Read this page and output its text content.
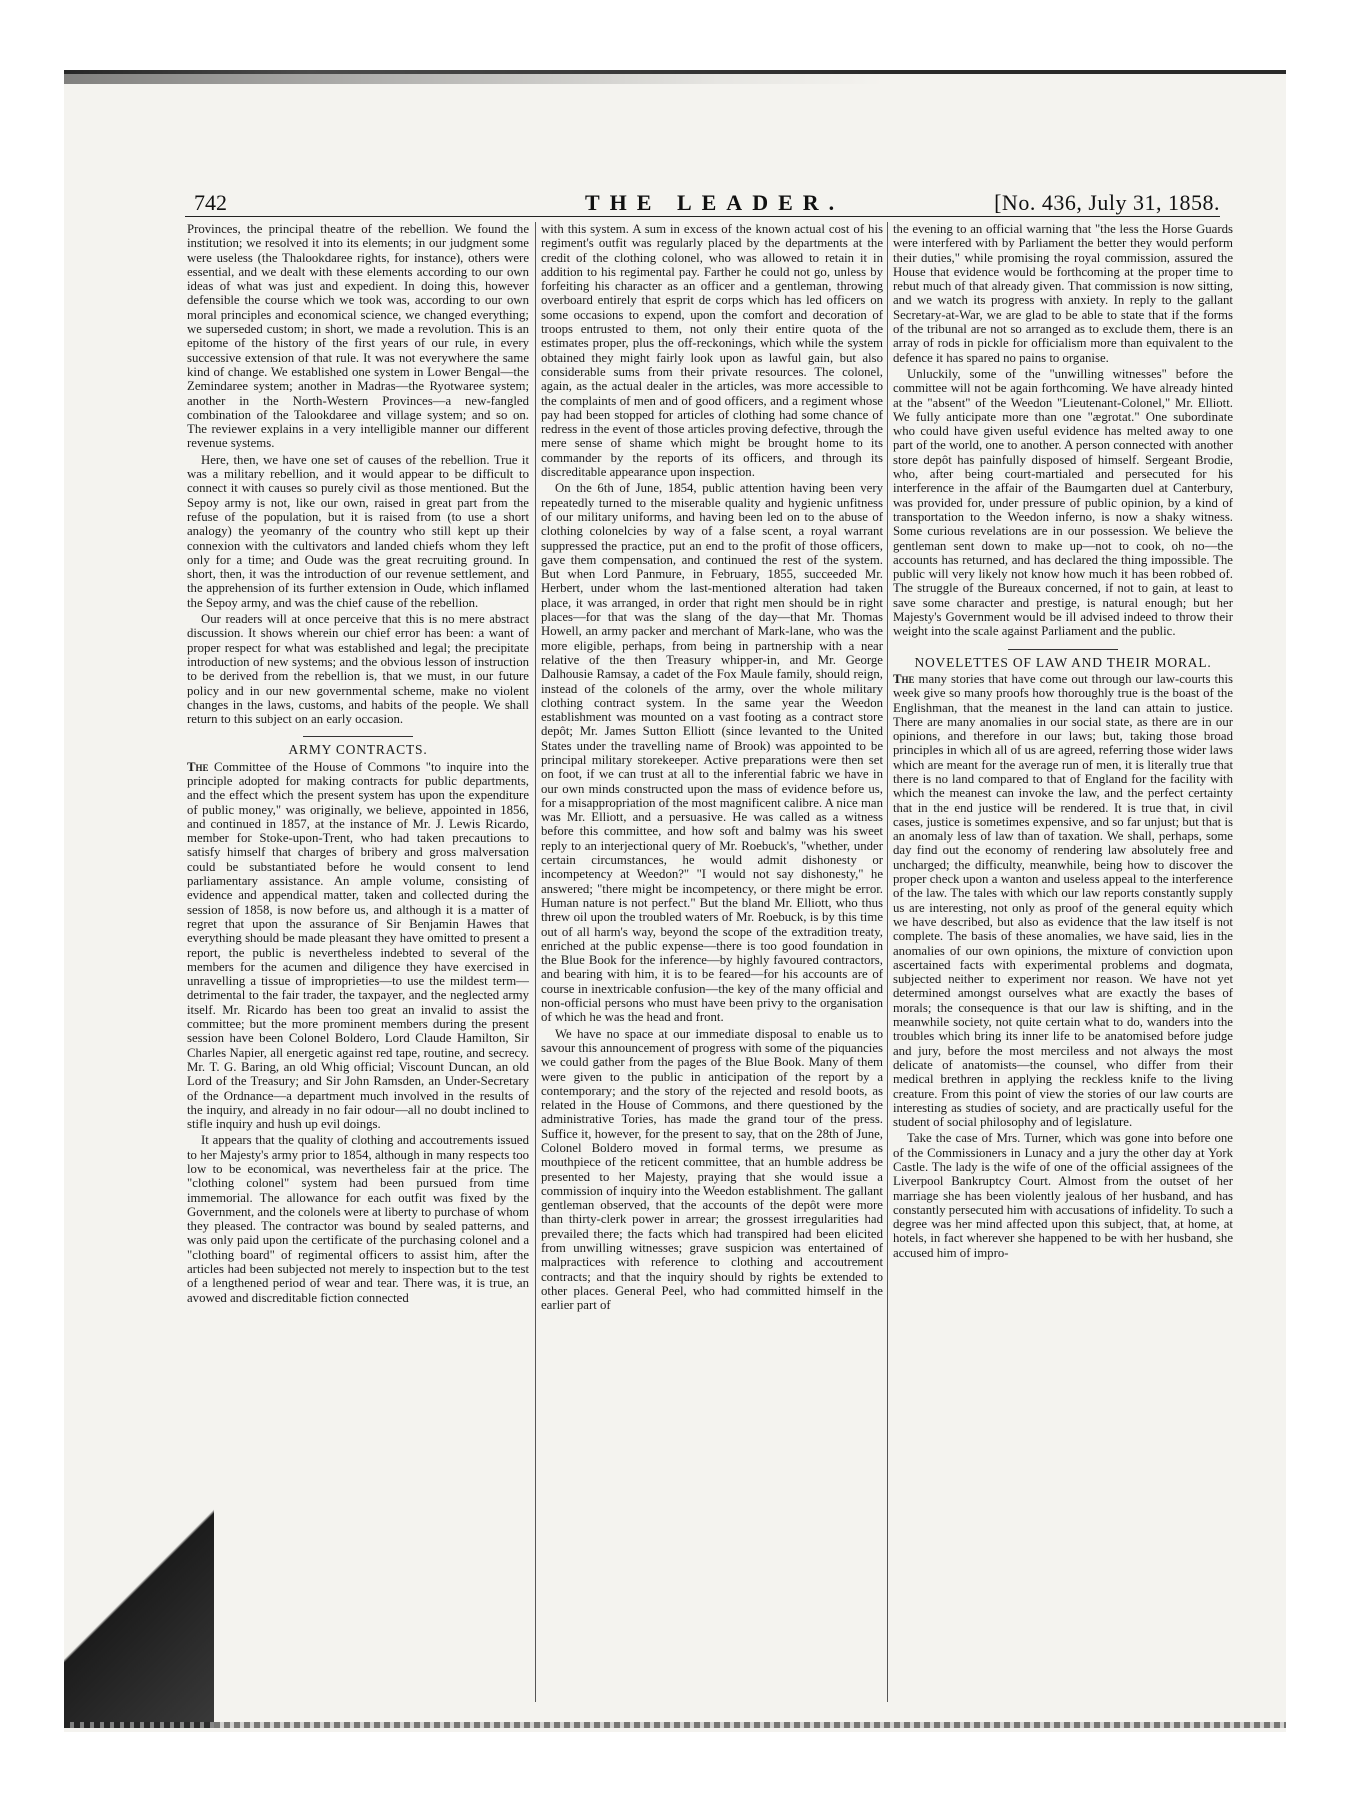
742	THE LEADER.	[No. 436, July 31, 1858.

Provinces, the principal theatre of the rebellion. We found the institution; we resolved it into its elements; in our judgment some were useless (the Thalookdaree rights, for instance), others were essential, and we dealt with these elements according to our own ideas of what was just and expedient. In doing this, however defensible the course which we took was, according to our own moral principles and economical science, we changed everything; we superseded custom; in short, we made a revolution. This is an epitome of the history of the first years of our rule, in every successive extension of that rule. It was not everywhere the same kind of change. We established one system in Lower Bengal—the Zemindaree system; another in Madras—the Ryotwaree system; another in the North-Western Provinces—a new-fangled combination of the Talookdaree and village system; and so on. The reviewer explains in a very intelligible manner our different revenue systems.

Here, then, we have one set of causes of the rebellion. True it was a military rebellion, and it would appear to be difficult to connect it with causes so purely civil as those mentioned. But the Sepoy army is not, like our own, raised in great part from the refuse of the population, but it is raised from (to use a short analogy) the yeomanry of the country who still kept up their connexion with the cultivators and landed chiefs whom they left only for a time; and Oude was the great recruiting ground. In short, then, it was the introduction of our revenue settlement, and the apprehension of its further extension in Oude, which inflamed the Sepoy army, and was the chief cause of the rebellion.

Our readers will at once perceive that this is no mere abstract discussion. It shows wherein our chief error has been: a want of proper respect for what was established and legal; the precipitate introduction of new systems; and the obvious lesson of instruction to be derived from the rebellion is, that we must, in our future policy and in our new governmental scheme, make no violent changes in the laws, customs, and habits of the people. We shall return to this subject on an early occasion.

ARMY CONTRACTS.

The Committee of the House of Commons "to inquire into the principle adopted for making contracts for public departments, and the effect which the present system has upon the expenditure of public money," was originally, we believe, appointed in 1856, and continued in 1857, at the instance of Mr. J. Lewis Ricardo, member for Stoke-upon-Trent, who had taken precautions to satisfy himself that charges of bribery and gross malversation could be substantiated before he would consent to lend parliamentary assistance. An ample volume, consisting of evidence and appendical matter, taken and collected during the session of 1858, is now before us, and although it is a matter of regret that upon the assurance of Sir Benjamin Hawes that everything should be made pleasant they have omitted to present a report, the public is nevertheless indebted to several of the members for the acumen and diligence they have exercised in unravelling a tissue of improprieties—to use the mildest term—detrimental to the fair trader, the taxpayer, and the neglected army itself. Mr. Ricardo has been too great an invalid to assist the committee; but the more prominent members during the present session have been Colonel Boldero, Lord Claude Hamilton, Sir Charles Napier, all energetic against red tape, routine, and secrecy. Mr. T. G. Baring, an old Whig official; Viscount Duncan, an old Lord of the Treasury; and Sir John Ramsden, an Under-Secretary of the Ordnance—a department much involved in the results of the inquiry, and already in no fair odour—all no doubt inclined to stifle inquiry and hush up evil doings.

It appears that the quality of clothing and accoutrements issued to her Majesty's army prior to 1854, although in many respects too low to be economical, was nevertheless fair at the price. The "clothing colonel" system had been pursued from time immemorial. The allowance for each outfit was fixed by the Government, and the colonels were at liberty to purchase of whom they pleased. The contractor was bound by sealed patterns, and was only paid upon the certificate of the purchasing colonel and a "clothing board" of regimental officers to assist him, after the articles had been subjected not merely to inspection but to the test of a lengthened period of wear and tear. There was, it is true, an avowed and discreditable fiction connected

with this system. A sum in excess of the known actual cost of his regiment's outfit was regularly placed by the departments at the credit of the clothing colonel, who was allowed to retain it in addition to his regimental pay. Farther he could not go, unless by forfeiting his character as an officer and a gentleman, throwing overboard entirely that esprit de corps which has led officers on some occasions to expend, upon the comfort and decoration of troops entrusted to them, not only their entire quota of the estimates proper, plus the off-reckonings, which while the system obtained they might fairly look upon as lawful gain, but also considerable sums from their private resources. The colonel, again, as the actual dealer in the articles, was more accessible to the complaints of men and of good officers, and a regiment whose pay had been stopped for articles of clothing had some chance of redress in the event of those articles proving defective, through the mere sense of shame which might be brought home to its commander by the reports of its officers, and through its discreditable appearance upon inspection.

On the 6th of June, 1854, public attention having been very repeatedly turned to the miserable quality and hygienic unfitness of our military uniforms, and having been led on to the abuse of clothing colonelcies by way of a false scent, a royal warrant suppressed the practice, put an end to the profit of those officers, gave them compensation, and continued the rest of the system. But when Lord Panmure, in February, 1855, succeeded Mr. Herbert, under whom the last-mentioned alteration had taken place, it was arranged, in order that right men should be in right places—for that was the slang of the day—that Mr. Thomas Howell, an army packer and merchant of Mark-lane, who was the more eligible, perhaps, from being in partnership with a near relative of the then Treasury whipper-in, and Mr. George Dalhousie Ramsay, a cadet of the Fox Maule family, should reign, instead of the colonels of the army, over the whole military clothing contract system. In the same year the Weedon establishment was mounted on a vast footing as a contract store depôt; Mr. James Sutton Elliott (since levanted to the United States under the travelling name of Brook) was appointed to be principal military storekeeper. Active preparations were then set on foot, if we can trust at all to the inferential fabric we have in our own minds constructed upon the mass of evidence before us, for a misappropriation of the most magnificent calibre. A nice man was Mr. Elliott, and a persuasive. He was called as a witness before this committee, and how soft and balmy was his sweet reply to an interjectional query of Mr. Roebuck's, "whether, under certain circumstances, he would admit dishonesty or incompetency at Weedon?" "I would not say dishonesty," he answered; "there might be incompetency, or there might be error. Human nature is not perfect." But the bland Mr. Elliott, who thus threw oil upon the troubled waters of Mr. Roebuck, is by this time out of all harm's way, beyond the scope of the extradition treaty, enriched at the public expense—there is too good foundation in the Blue Book for the inference—by highly favoured contractors, and bearing with him, it is to be feared—for his accounts are of course in inextricable confusion—the key of the many official and non-official persons who must have been privy to the organisation of which he was the head and front.

We have no space at our immediate disposal to enable us to savour this announcement of progress with some of the piquancies we could gather from the pages of the Blue Book. Many of them were given to the public in anticipation of the report by a contemporary; and the story of the rejected and resold boots, as related in the House of Commons, and there questioned by the administrative Tories, has made the grand tour of the press. Suffice it, however, for the present to say, that on the 28th of June, Colonel Boldero moved in formal terms, we presume as mouthpiece of the reticent committee, that an humble address be presented to her Majesty, praying that she would issue a commission of inquiry into the Weedon establishment. The gallant gentleman observed, that the accounts of the depôt were more than thirty-clerk power in arrear; the grossest irregularities had prevailed there; the facts which had transpired had been elicited from unwilling witnesses; grave suspicion was entertained of malpractices with reference to clothing and accoutrement contracts; and that the inquiry should by rights be extended to other places. General Peel, who had committed himself in the earlier part of

the evening to an official warning that "the less the Horse Guards were interfered with by Parliament the better they would perform their duties," while promising the royal commission, assured the House that evidence would be forthcoming at the proper time to rebut much of that already given. That commission is now sitting, and we watch its progress with anxiety. In reply to the gallant Secretary-at-War, we are glad to be able to state that if the forms of the tribunal are not so arranged as to exclude them, there is an array of rods in pickle for officialism more than equivalent to the defence it has spared no pains to organise.

Unluckily, some of the "unwilling witnesses" before the committee will not be again forthcoming. We have already hinted at the "absent" of the Weedon "Lieutenant-Colonel," Mr. Elliott. We fully anticipate more than one "ægrotat." One subordinate who could have given useful evidence has melted away to one part of the world, one to another. A person connected with another store depôt has painfully disposed of himself. Sergeant Brodie, who, after being court-martialed and persecuted for his interference in the affair of the Baumgarten duel at Canterbury, was provided for, under pressure of public opinion, by a kind of transportation to the Weedon inferno, is now a shaky witness. Some curious revelations are in our possession. We believe the gentleman sent down to make up—not to cook, oh no—the accounts has returned, and has declared the thing impossible. The public will very likely not know how much it has been robbed of. The struggle of the Bureaux concerned, if not to gain, at least to save some character and prestige, is natural enough; but her Majesty's Government would be ill advised indeed to throw their weight into the scale against Parliament and the public.

NOVELETTES OF LAW AND THEIR MORAL.

The many stories that have come out through our law-courts this week give so many proofs how thoroughly true is the boast of the Englishman, that the meanest in the land can attain to justice. There are many anomalies in our social state, as there are in our opinions, and therefore in our laws; but, taking those broad principles in which all of us are agreed, referring those wider laws which are meant for the average run of men, it is literally true that there is no land compared to that of England for the facility with which the meanest can invoke the law, and the perfect certainty that in the end justice will be rendered. It is true that, in civil cases, justice is sometimes expensive, and so far unjust; but that is an anomaly less of law than of taxation. We shall, perhaps, some day find out the economy of rendering law absolutely free and uncharged; the difficulty, meanwhile, being how to discover the proper check upon a wanton and useless appeal to the interference of the law. The tales with which our law reports constantly supply us are interesting, not only as proof of the general equity which we have described, but also as evidence that the law itself is not complete. The basis of these anomalies, we have said, lies in the anomalies of our own opinions, the mixture of conviction upon ascertained facts with experimental problems and dogmata, subjected neither to experiment nor reason. We have not yet determined amongst ourselves what are exactly the bases of morals; the consequence is that our law is shifting, and in the meanwhile society, not quite certain what to do, wanders into the troubles which bring its inner life to be anatomised before judge and jury, before the most merciless and not always the most delicate of anatomists—the counsel, who differ from their medical brethren in applying the reckless knife to the living creature. From this point of view the stories of our law courts are interesting as studies of society, and are practically useful for the student of social philosophy and of legislature.

Take the case of Mrs. Turner, which was gone into before one of the Commissioners in Lunacy and a jury the other day at York Castle. The lady is the wife of one of the official assignees of the Liverpool Bankruptcy Court. Almost from the outset of her marriage she has been violently jealous of her husband, and has constantly persecuted him with accusations of infidelity. To such a degree was her mind affected upon this subject, that, at home, at hotels, in fact wherever she happened to be with her husband, she accused him of impro-
